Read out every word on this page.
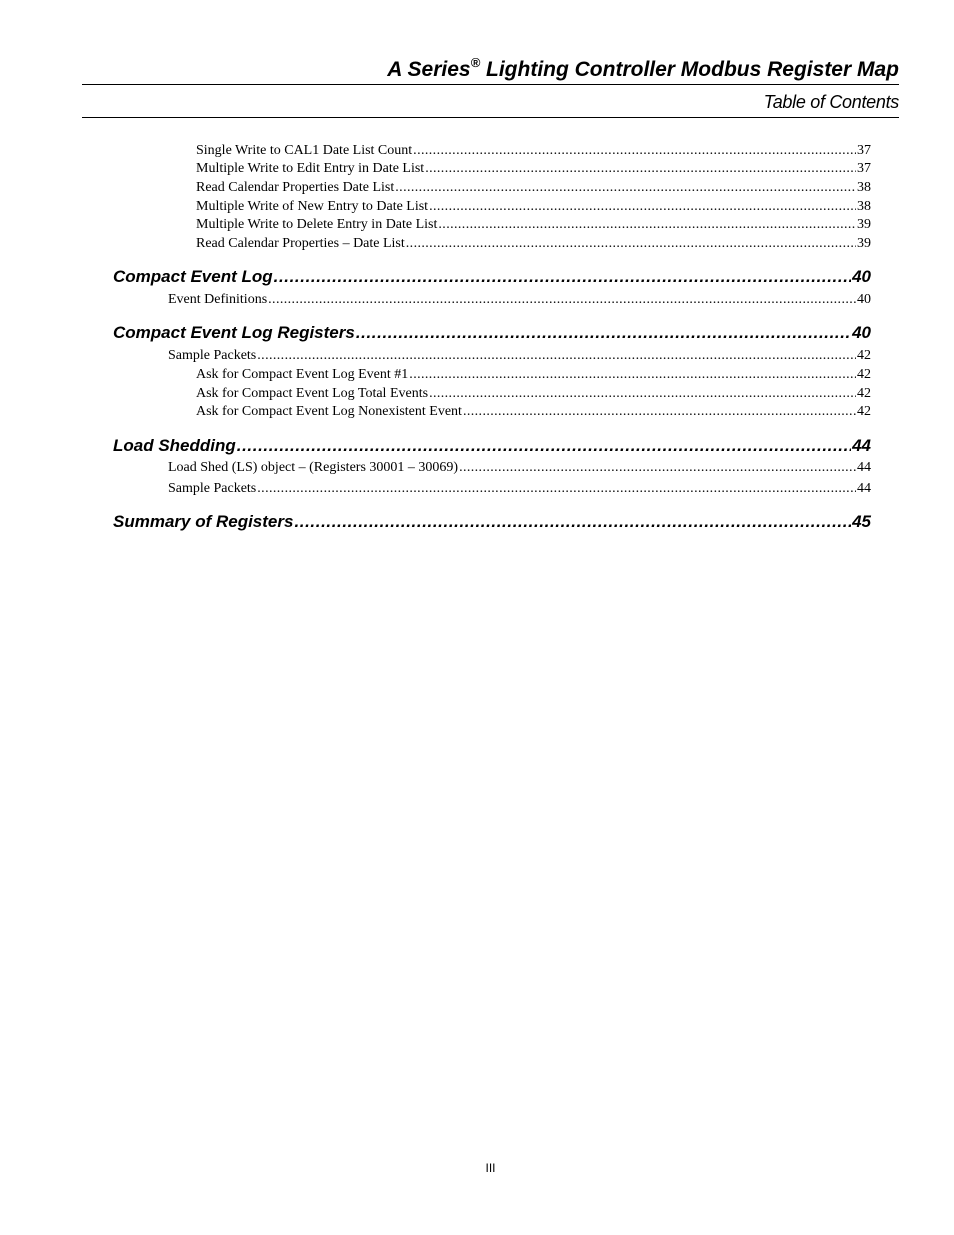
A Series® Lighting Controller Modbus Register Map
Table of Contents
Single Write to CAL1 Date List Count .....	37
Multiple Write to Edit Entry in Date List .....	37
Read Calendar Properties Date List .....	38
Multiple Write of New Entry to Date List .....	38
Multiple Write to Delete Entry in Date List .....	39
Read Calendar Properties – Date List .....	39
Compact Event Log .....	40
Event Definitions .....	40
Compact Event Log Registers .....	40
Sample Packets .....	42
Ask for Compact Event Log Event #1 .....	42
Ask for Compact Event Log Total Events .....	42
Ask for Compact Event Log Nonexistent Event .....	42
Load Shedding .....	44
Load Shed (LS) object – (Registers 30001 – 30069) .....	44
Sample Packets .....	44
Summary of Registers .....	45
III
